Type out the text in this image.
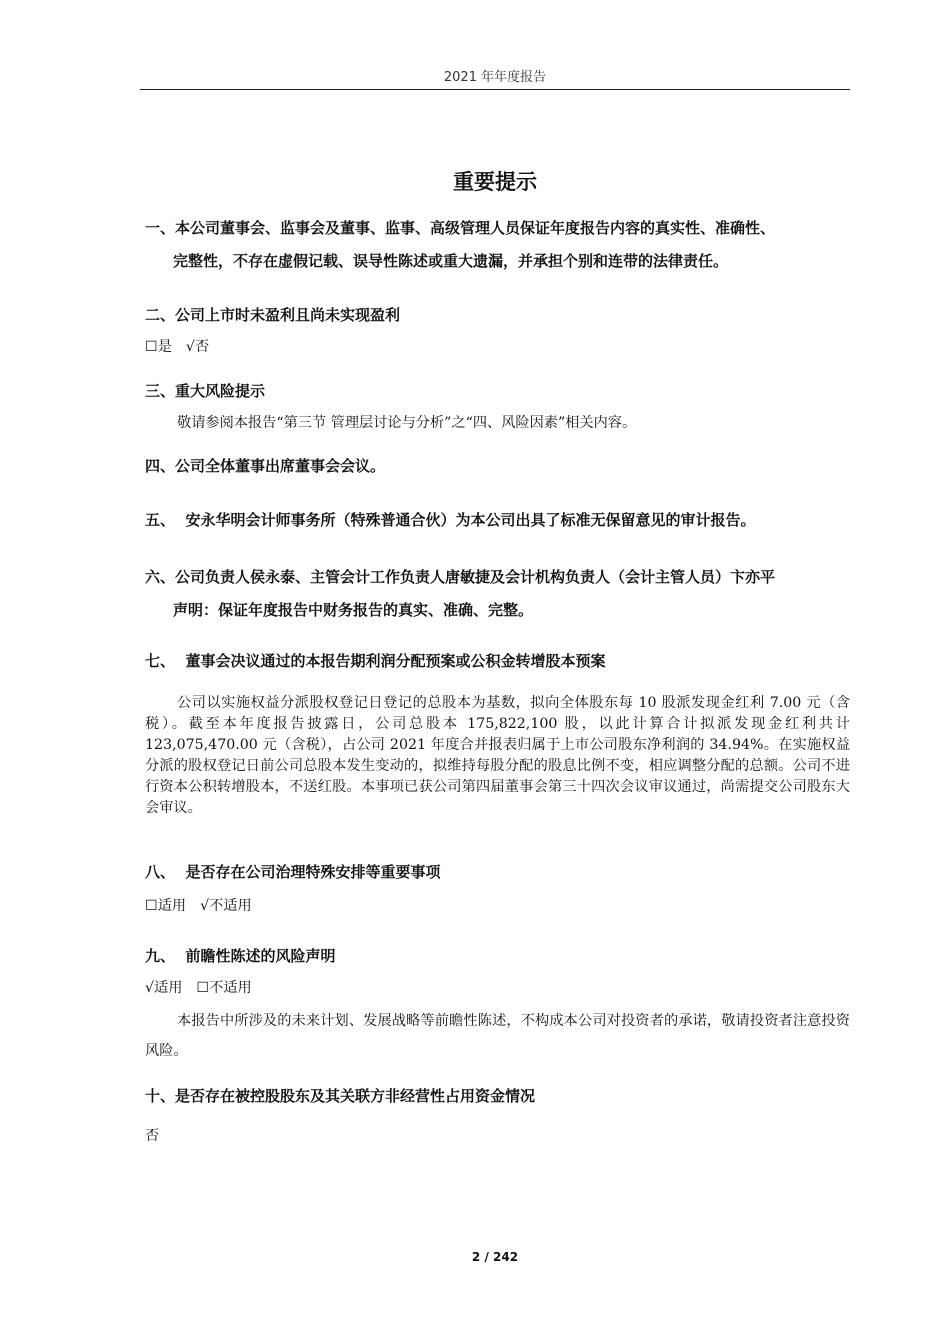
2021 年年度报告
重要提示

一、本公司董事会、监事会及董事、监事、高级管理人员保证年度报告内容的真实性、准确性、
完整性，不存在虚假记载、误导性陈述或重大遗漏，并承担个别和连带的法律责任。

二、公司上市时未盈利且尚未实现盈利

☐是 √否

三、重大风险提示

敬请参阅本报告“第三节 管理层讨论与分析”之“四、风险因素”相关内容。

四、公司全体董事出席董事会会议。

五、  安永华明会计师事务所（特殊普通合伙）为本公司出具了标准无保留意见的审计报告。

六、公司负责人侯永泰、主管会计工作负责人唐敏捷及会计机构负责人（会计主管人员）卞亦平
声明：保证年度报告中财务报告的真实、准确、完整。

七、  董事会决议通过的本报告期利润分配预案或公积金转增股本预案

公司以实施权益分派股权登记日登记的总股本为基数，拟向全体股东每 10 股派发现金红利 7.00 元（含税）。截至本年度报告披露日，公司总股本 175,822,100 股，以此计算合计拟派发现金红利共计 123,075,470.00 元（含税），占公司 2021 年度合并报表归属于上市公司股东净利润的 34.94%。在实施权益分派的股权登记日前公司总股本发生变动的，拟维持每股分配的股息比例不变，相应调整分配的总额。公司不进行资本公积转增股本，不送红股。本事项已获公司第四届董事会第三十四次会议审议通过，尚需提交公司股东大会审议。

八、  是否存在公司治理特殊安排等重要事项

☐适用 √不适用

九、  前瞻性陈述的风险声明

√适用 ☐不适用

本报告中所涉及的未来计划、发展战略等前瞻性陈述，不构成本公司对投资者的承诺，敬请投资者注意投资风险。

十、是否存在被控股股东及其关联方非经营性占用资金情况

否

2 / 242
